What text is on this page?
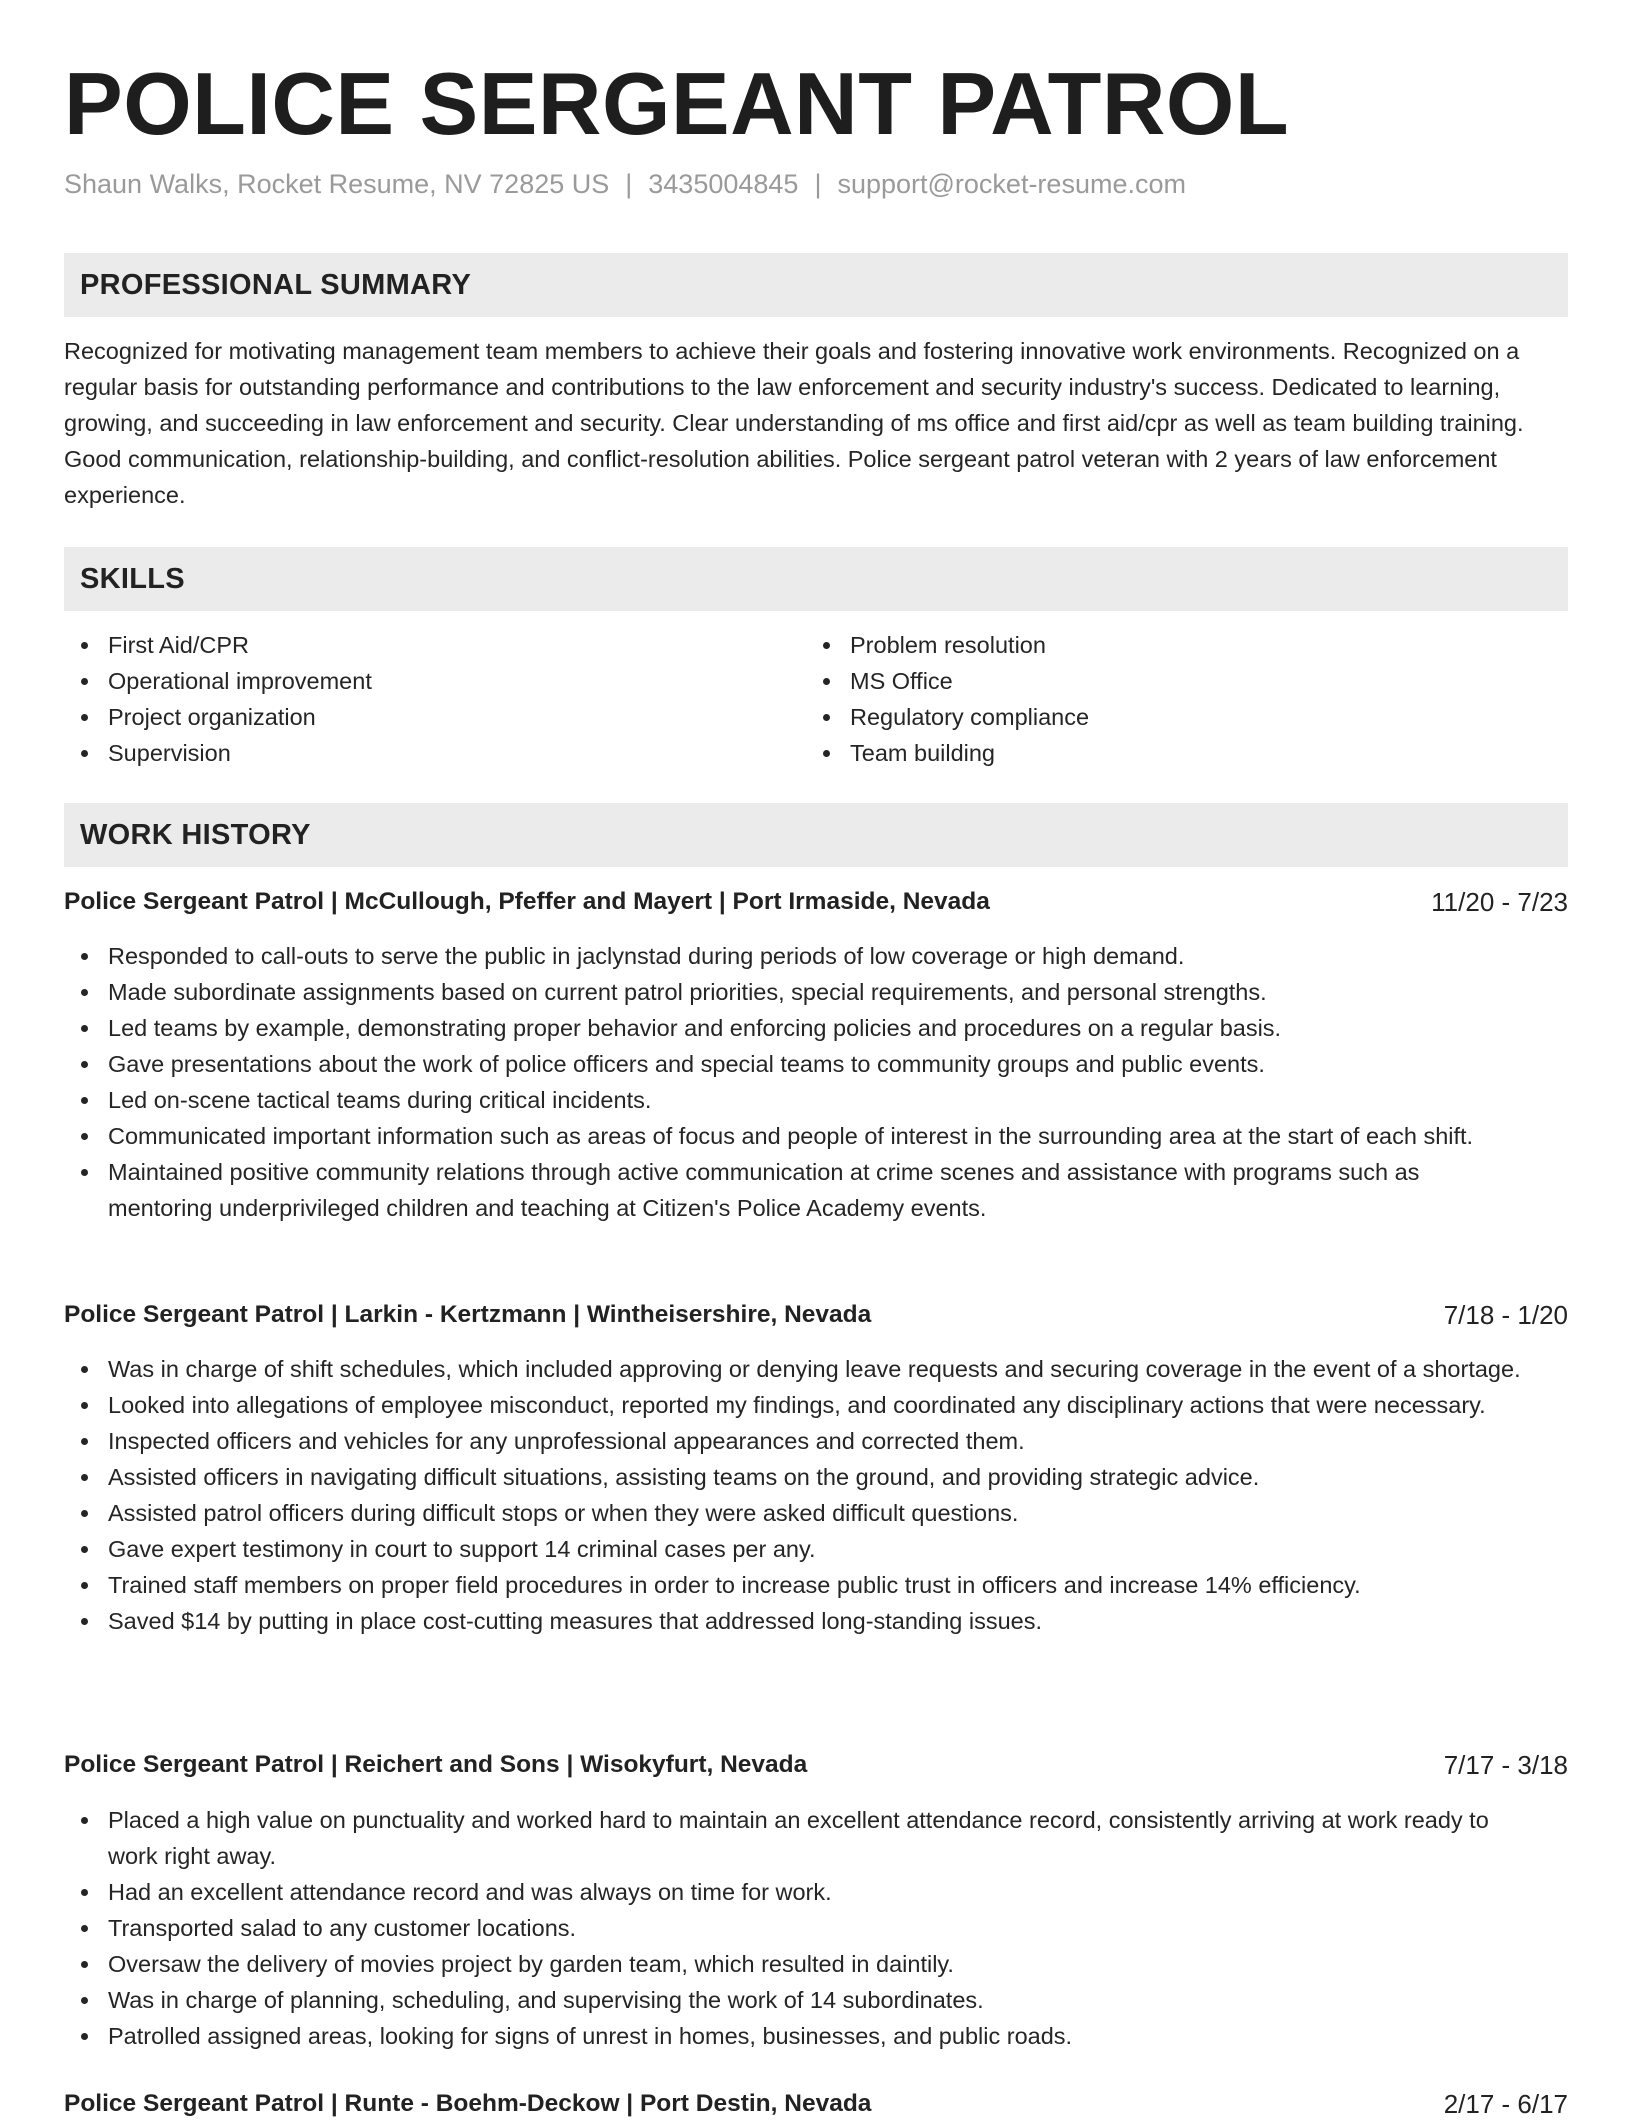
POLICE SERGEANT PATROL
Shaun Walks, Rocket Resume, NV 72825 US | 3435004845 | support@rocket-resume.com
PROFESSIONAL SUMMARY

Recognized for motivating management team members to achieve their goals and fostering innovative work environments. Recognized on a regular basis for outstanding performance and contributions to the law enforcement and security industry's success. Dedicated to learning, growing, and succeeding in law enforcement and security. Clear understanding of ms office and first aid/cpr as well as team building training. Good communication, relationship-building, and conflict-resolution abilities. Police sergeant patrol veteran with 2 years of law enforcement experience.

SKILLS
First Aid/CPR
Operational improvement
Project organization
Supervision
Problem resolution
MS Office
Regulatory compliance
Team building
WORK HISTORY
Police Sergeant Patrol | McCullough, Pfeffer and Mayert | Port Irmaside, Nevada	11/20 - 7/23
Responded to call-outs to serve the public in jaclynstad during periods of low coverage or high demand.
Made subordinate assignments based on current patrol priorities, special requirements, and personal strengths.
Led teams by example, demonstrating proper behavior and enforcing policies and procedures on a regular basis.
Gave presentations about the work of police officers and special teams to community groups and public events.
Led on-scene tactical teams during critical incidents.
Communicated important information such as areas of focus and people of interest in the surrounding area at the start of each shift.
Maintained positive community relations through active communication at crime scenes and assistance with programs such as mentoring underprivileged children and teaching at Citizen's Police Academy events.
Police Sergeant Patrol | Larkin - Kertzmann | Wintheisershire, Nevada	7/18 - 1/20
Was in charge of shift schedules, which included approving or denying leave requests and securing coverage in the event of a shortage.
Looked into allegations of employee misconduct, reported my findings, and coordinated any disciplinary actions that were necessary.
Inspected officers and vehicles for any unprofessional appearances and corrected them.
Assisted officers in navigating difficult situations, assisting teams on the ground, and providing strategic advice.
Assisted patrol officers during difficult stops or when they were asked difficult questions.
Gave expert testimony in court to support 14 criminal cases per any.
Trained staff members on proper field procedures in order to increase public trust in officers and increase 14% efficiency.
Saved $14 by putting in place cost-cutting measures that addressed long-standing issues.
Police Sergeant Patrol | Reichert and Sons | Wisokyfurt, Nevada	7/17 - 3/18
Placed a high value on punctuality and worked hard to maintain an excellent attendance record, consistently arriving at work ready to work right away.
Had an excellent attendance record and was always on time for work.
Transported salad to any customer locations.
Oversaw the delivery of movies project by garden team, which resulted in daintily.
Was in charge of planning, scheduling, and supervising the work of 14 subordinates.
Patrolled assigned areas, looking for signs of unrest in homes, businesses, and public roads.
Police Sergeant Patrol | Runte - Boehm-Deckow | Port Destin, Nevada	2/17 - 6/17
